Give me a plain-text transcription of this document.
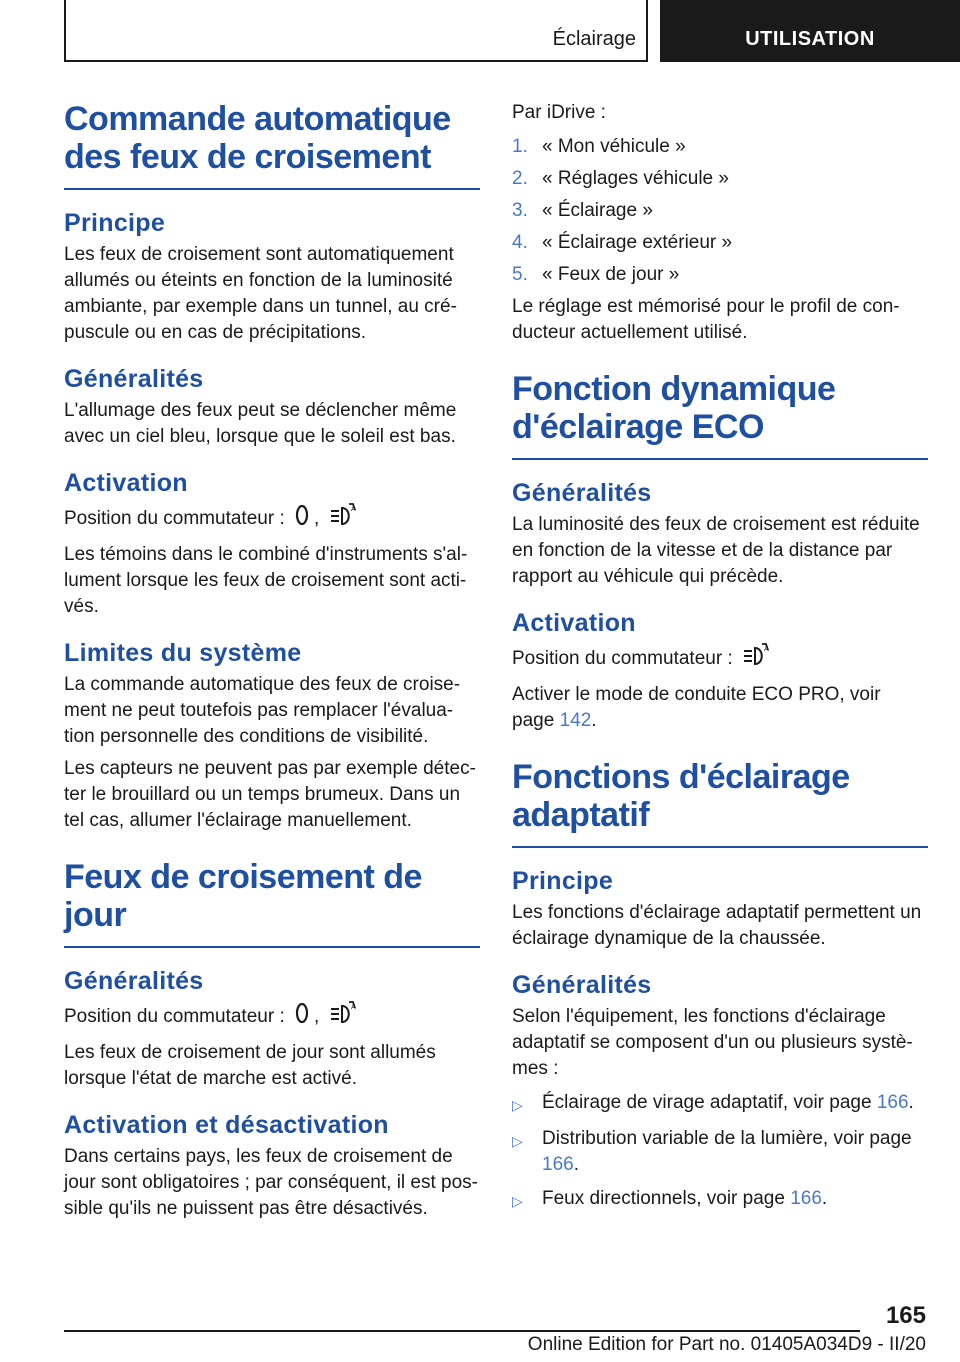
Éclairage	UTILISATION
Commande automatique des feux de croisement
Principe

Les feux de croisement sont automatiquement allumés ou éteints en fonction de la luminosité ambiante, par exemple dans un tunnel, au cré-puscule ou en cas de précipitations.

Généralités

L'allumage des feux peut se déclencher même avec un ciel bleu, lorsque que le soleil est bas.

Activation

Position du commutateur : ,	A

Les témoins dans le combiné d'instruments s'al-lument lorsque les feux de croisement sont acti-vés.

Limites du système

La commande automatique des feux de croise-ment ne peut toutefois pas remplacer l'évalua-tion personnelle des conditions de visibilité.

Les capteurs ne peuvent pas par exemple détec-ter le brouillard ou un temps brumeux. Dans un tel cas, allumer l'éclairage manuellement.

Feux de croisement de jour
Généralités

Position du commutateur : ,	A

Les feux de croisement de jour sont allumés lorsque l'état de marche est activé.

Activation et désactivation

Dans certains pays, les feux de croisement de jour sont obligatoires ; par conséquent, il est pos-sible qu'ils ne puissent pas être désactivés.

Par iDrive :

1. « Mon véhicule »
2. « Réglages véhicule »
3. « Éclairage »
4. « Éclairage extérieur »
5. « Feux de jour »

Le réglage est mémorisé pour le profil de con-ducteur actuellement utilisé.

Fonction dynamique d'éclairage ECO
Généralités

La luminosité des feux de croisement est réduite en fonction de la vitesse et de la distance par rapport au véhicule qui précède.

Activation

Position du commutateur :	A

Activer le mode de conduite ECO PRO, voir page 142.

Fonctions d'éclairage adaptatif
Principe

Les fonctions d'éclairage adaptatif permettent un éclairage dynamique de la chaussée.

Généralités

Selon l'équipement, les fonctions d'éclairage adaptatif se composent d'un ou plusieurs systè-mes :

▷	Éclairage de virage adaptatif, voir page 166.
▷	Distribution variable de la lumière, voir page 166.
▷	Feux directionnels, voir page 166.
165
Online Edition for Part no. 01405A034D9 - II/20
